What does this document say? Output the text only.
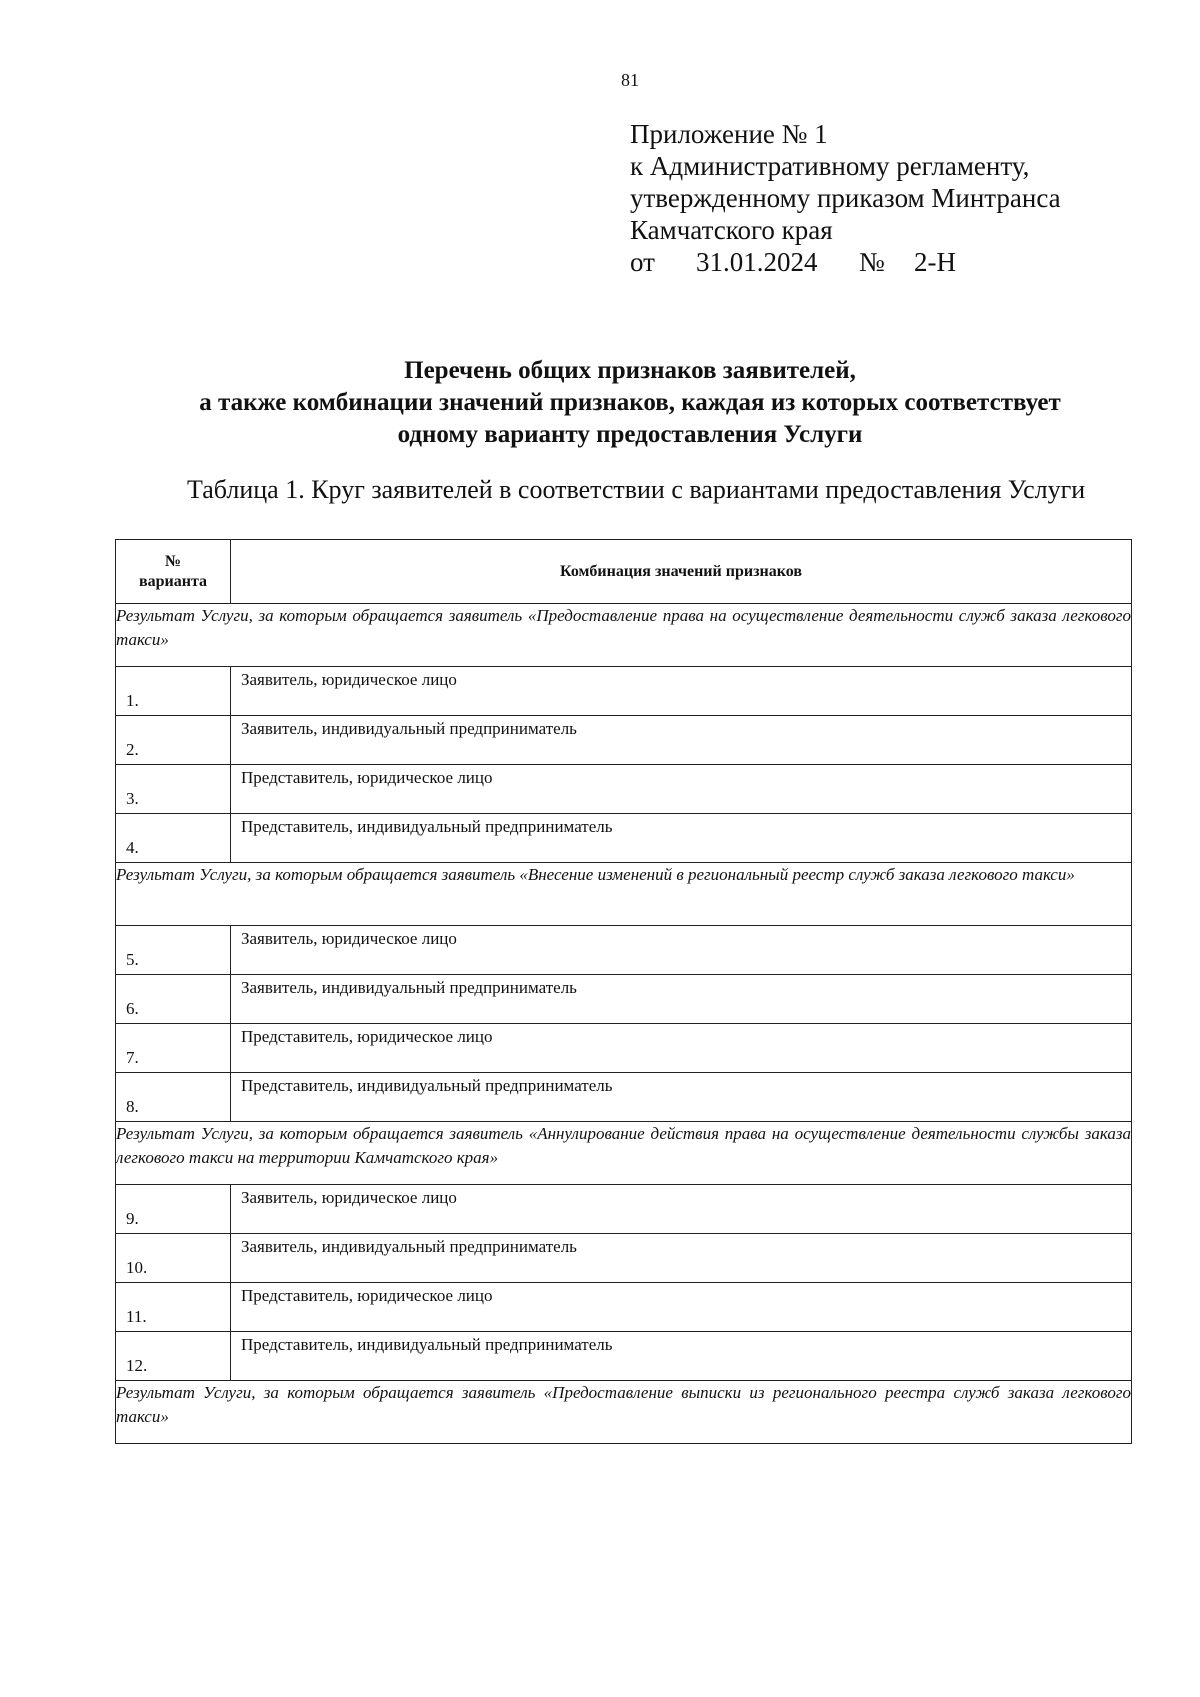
81
Приложение № 1
к Административному регламенту,
утвержденному приказом Минтранса
Камчатского края
от 31.01.2024 № 2-Н
Перечень общих признаков заявителей,
а также комбинации значений признаков, каждая из которых соответствует
одному варианту предоставления Услуги
Таблица 1. Круг заявителей в соответствии с вариантами предоставления Услуги
№
варианта	Комбинация значений признаков
Результат Услуги, за которым обращается заявитель «Предоставление права на осуществление деятельности служб заказа легкового такси»	
1.	Заявитель, юридическое лицо
2.	Заявитель, индивидуальный предприниматель
3.	Представитель, юридическое лицо
4.	Представитель, индивидуальный предприниматель
Результат Услуги, за которым обращается заявитель «Внесение изменений в региональный реестр служб заказа легкового такси»	
5.	Заявитель, юридическое лицо
6.	Заявитель, индивидуальный предприниматель
7.	Представитель, юридическое лицо
8.	Представитель, индивидуальный предприниматель
Результат Услуги, за которым обращается заявитель «Аннулирование действия права на осуществление деятельности службы заказа легкового такси на территории Камчатского края»	
9.	Заявитель, юридическое лицо
10.	Заявитель, индивидуальный предприниматель
11.	Представитель, юридическое лицо
12.	Представитель, индивидуальный предприниматель
Результат Услуги, за которым обращается заявитель «Предоставление выписки из регионального реестра служб заказа легкового такси»	
